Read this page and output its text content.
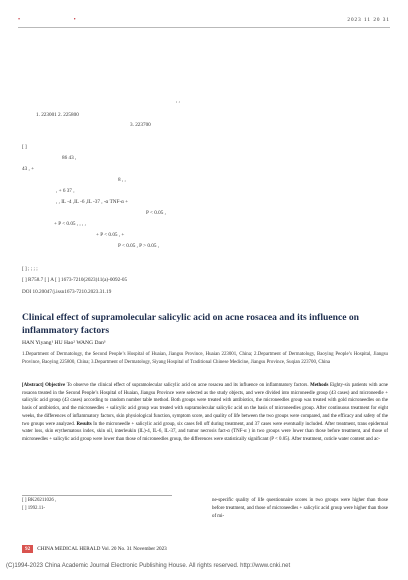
• •	2023 11 20 31
, ,
1. 223001 2. 225800
3. 223700
[ ]
86 43 ,
43 , +
8 , ,
, + 6 37 ,
, , IL -4 ,IL -6 ,IL -37 , -α TNF-α +
P < 0.05 ,
+ P < 0.05 , , , ,
+ P < 0.05 , +
P < 0.05 , P > 0.05 ,
[ ] ; ; ; ;
[ ] R758.7 [ ] A [ ] 1673-7210(2023)11(a)-0092-05
DOI 10.20047/j.issn1673-7210.2023.31.19
Clinical effect of supramolecular salicylic acid on acne rosacea and its influence on inflammatory factors
HAN Yiyang¹ HU Hao² WANG Dan³
1.Department of Dermatology, the Second People’s Hospital of Huaian, Jiangsu Province, Huaian 223001, China; 2.Department of Dermatology, Baoying People’s Hospital, Jiangsu Province, Baoying 225800, China; 3.Department of Dermatology, Siyang Hospital of Traditional Chinese Medicine, Jiangsu Province, Suqian 223700, China
[Abstract] Objective To observe the clinical effect of supramolecular salicylic acid on acne rosacea and its influence on inflammatory factors. Methods Eighty-six patients with acne rosacea treated in the Second People’s Hospital of Huaian, Jiangsu Province were selected as the study objects, and were divided into microneedle group (43 cases) and microneedle + salicylic acid group (43 cases) according to random number table method. Both groups were treated with antibiotics, the microneedles group was treated with gold microneedles on the basis of antibiotics, and the microneedles + salicylic acid group was treated with supramolecular salicylic acid on the basis of microneedles group. After continuous treatment for eight weeks, the differences of inflammatory factors, skin physiological function, symptom score, and quality of life between the two groups were compared, and the efficacy and safety of the two groups were analyzed. Results In the microneedle + salicylic acid group, six cases fell off during treatment, and 37 cases were eventually included. After treatment, trans epidermal water loss, skin erythematous index, skin oil, interleukin (IL)-4, IL-6, IL-37, and tumor necrosis fact-α (TNF-α ) in two groups were lower than those before treatment, and those of microneedles + salicylic acid group were lower than those of microneedles group, the differences were statistically significant (P < 0.05). After treatment, cuticle water content and ac-
[ ] BK20211026 ,
[ ] 1992.11-
ne-specific quality of life questionnaire scores in two groups were higher than those before treatment, and those of microneedles + salicylic acid group were higher than those of mi-
92	CHINA MEDICAL HERALD Vol. 20 No. 31 November 2023
(C)1994-2023 China Academic Journal Electronic Publishing House. All rights reserved. http://www.cnki.net
